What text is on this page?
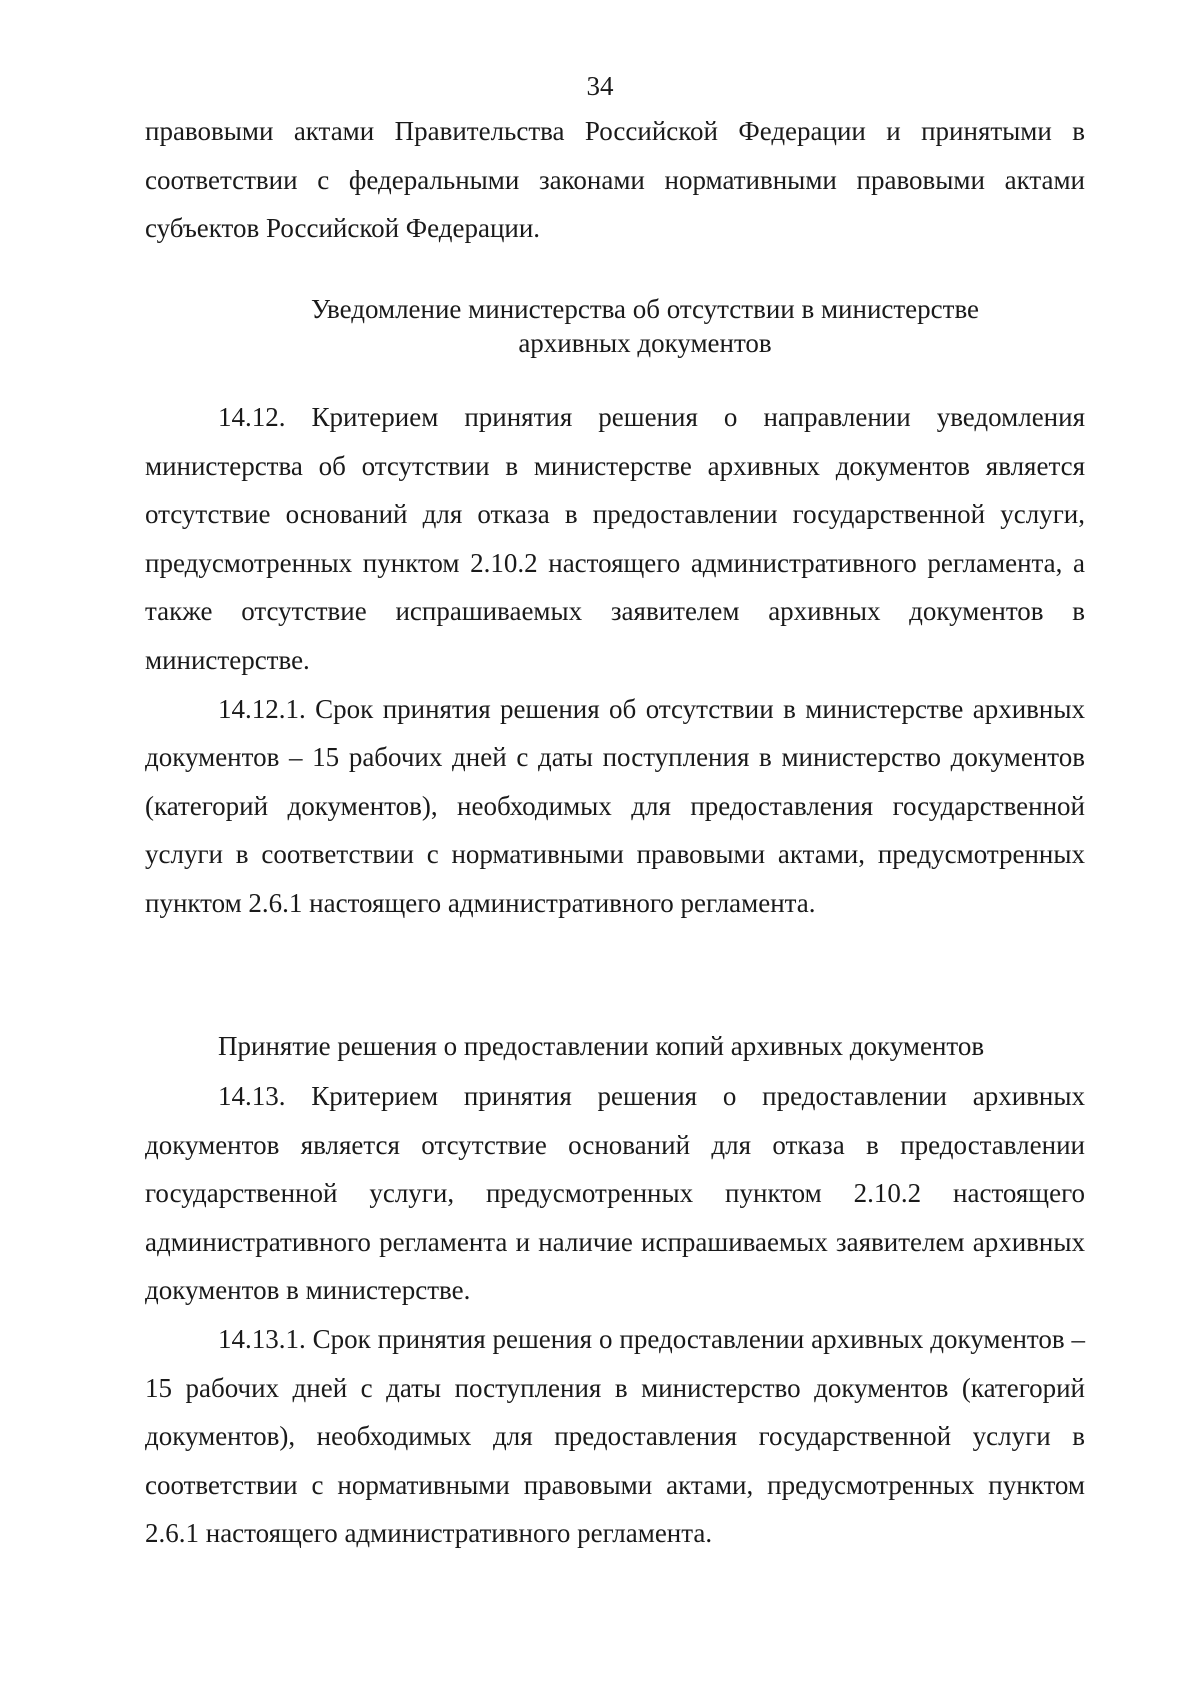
34

правовыми актами Правительства Российской Федерации и принятыми в соответствии с федеральными законами нормативными правовыми актами субъектов Российской Федерации.

Уведомление министерства об отсутствии в министерстве
архивных документов

14.12. Критерием принятия решения о направлении уведомления министерства об отсутствии в министерстве архивных документов является отсутствие оснований для отказа в предоставлении государственной услуги, предусмотренных пунктом 2.10.2 настоящего административного регламента, а также отсутствие испрашиваемых заявителем архивных документов в министерстве.

14.12.1. Срок принятия решения об отсутствии в министерстве архивных документов – 15 рабочих дней с даты поступления в министерство документов (категорий документов), необходимых для предоставления государственной услуги в соответствии с нормативными правовыми актами, предусмотренных пунктом 2.6.1 настоящего административного регламента.

Принятие решения о предоставлении копий архивных документов

14.13. Критерием принятия решения о предоставлении архивных документов является отсутствие оснований для отказа в предоставлении государственной услуги, предусмотренных пунктом 2.10.2 настоящего административного регламента и наличие испрашиваемых заявителем архивных документов в министерстве.

14.13.1. Срок принятия решения о предоставлении архивных документов – 15 рабочих дней с даты поступления в министерство документов (категорий документов), необходимых для предоставления государственной услуги в соответствии с нормативными правовыми актами, предусмотренных пунктом 2.6.1 настоящего административного регламента.
